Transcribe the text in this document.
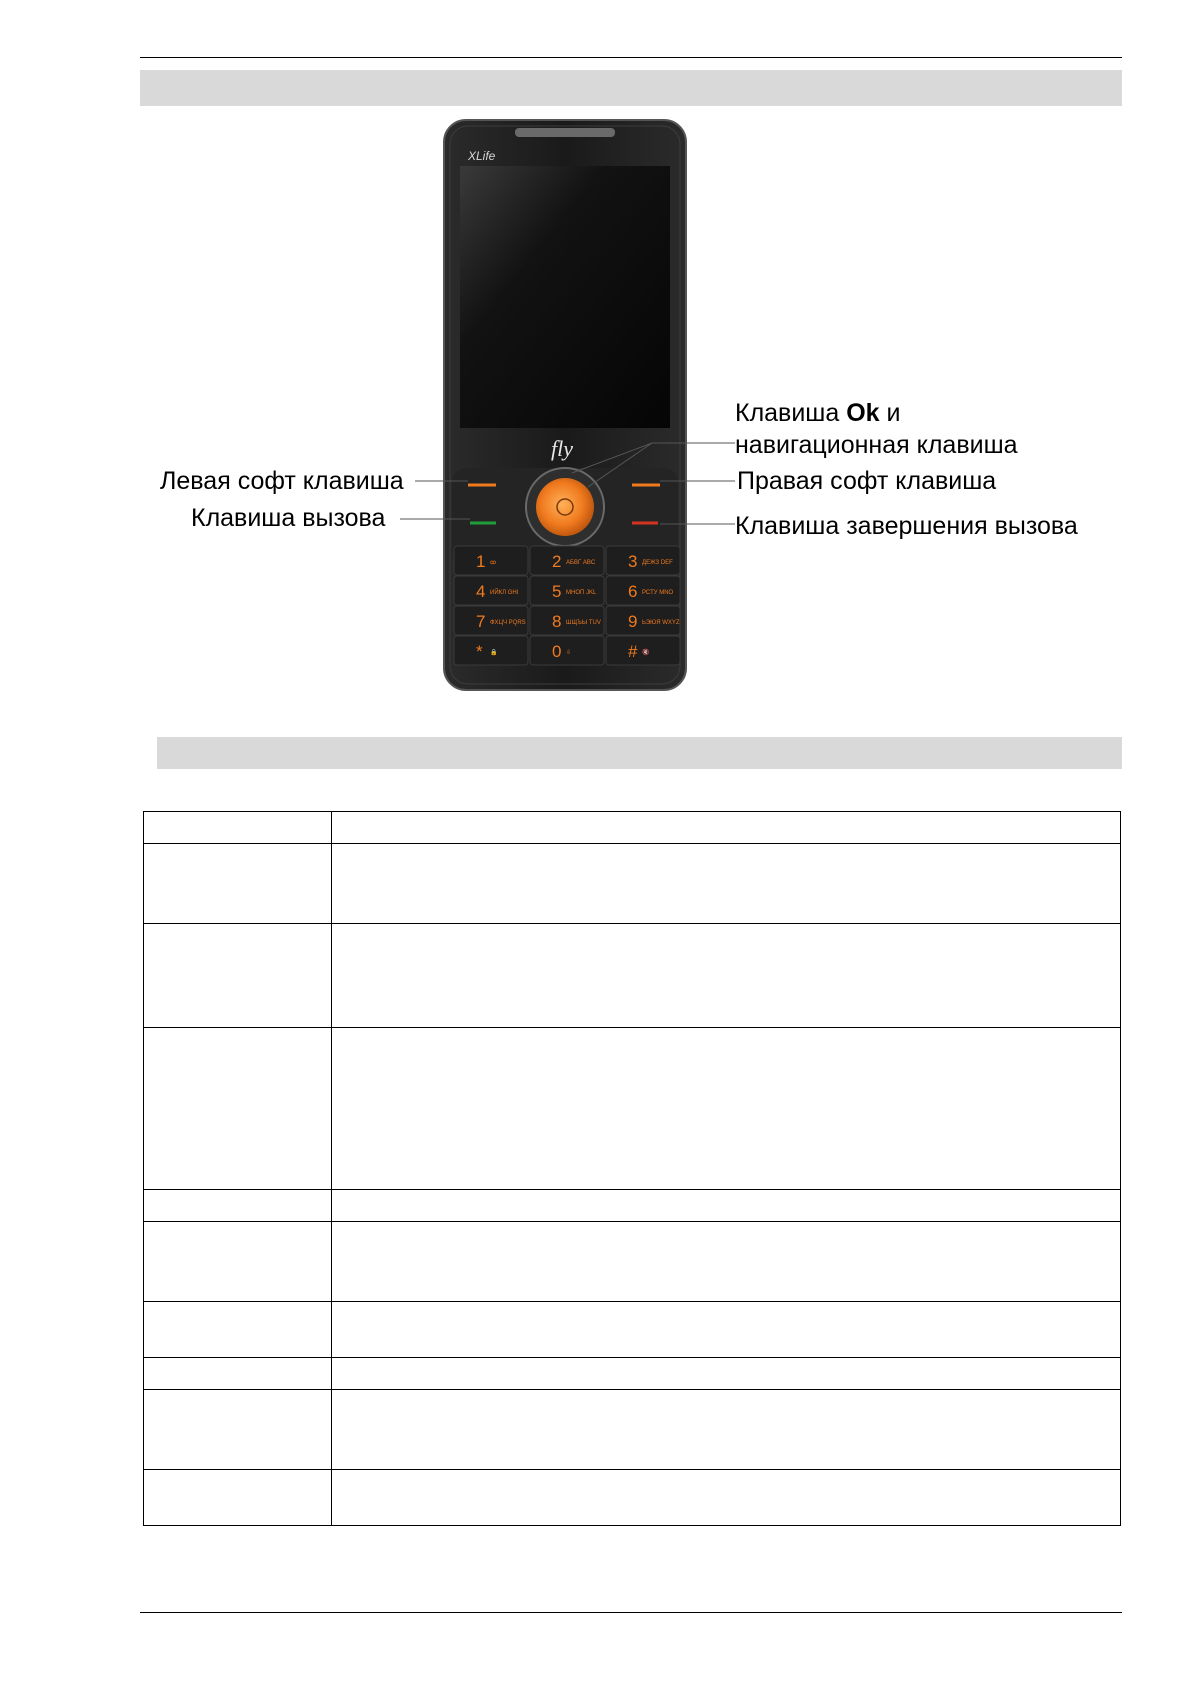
XLife
fly
1 ꝏ	2 АБВГ ABC 3 ДЕЖЗ DEF
4 ИЙКЛ GHI 5 МНОП JKL 6 РСТУ MNO
7 ФХЦЧ PQRS 8 ШЩЪЫ TUV 9 ЬЭЮЯ WXYZ
* 🔒	0 ⇩	# 🔇
Клавиша Ok и
навигационная клавиша
Левая софт клавиша	Правая софт клавиша
Клавиша вызова	Клавиша завершения вызова
